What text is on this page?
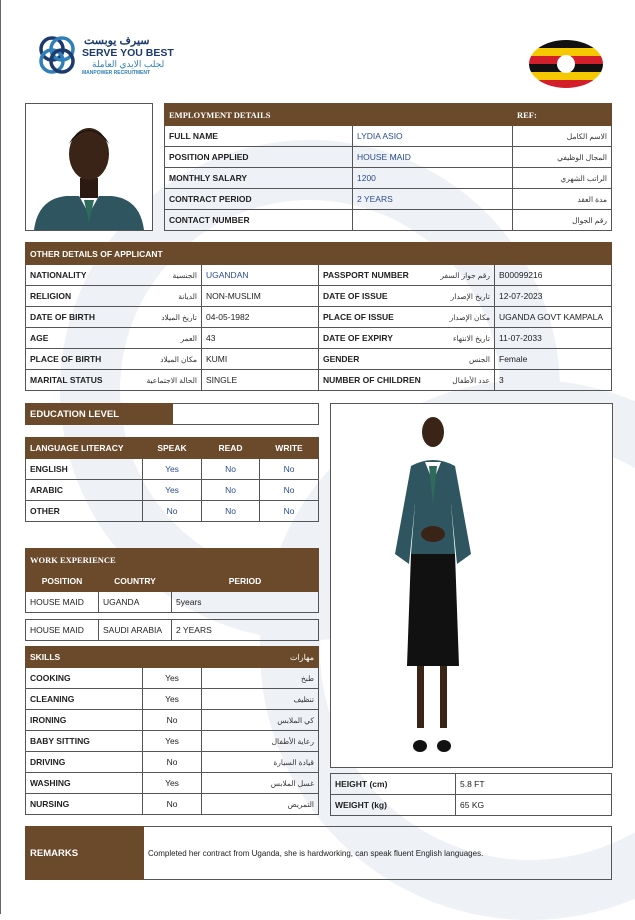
سيرف يوبست
SERVE YOU BEST
لجلب الايدي العاملة
MANPOWER RECRUITMENT
EMPLOYMENT DETAILS		REF:
FULL NAME	LYDIA ASIO	الاسم الكامل
POSITION APPLIED	HOUSE MAID	المجال الوظيفي
MONTHLY SALARY	1200	الراتب الشهري
CONTRACT PERIOD	2 YEARS	مدة العقد
CONTACT NUMBER		رقم الجوال
OTHER DETAILS OF APPLICANT			

NATIONALITY الجنسية	UGANDAN	PASSPORT NUMBER رقم جواز السفر	B00099216

RELIGION الديانة	NON-MUSLIM	DATE OF ISSUE تاريخ الإصدار	12-07-2023

DATE OF BIRTH تاريخ الميلاد	04-05-1982	PLACE OF ISSUE مكان الإصدار	UGANDA GOVT KAMPALA

AGE العمر	43	DATE OF EXPIRY تاريخ الانتهاء	11-07-2033

PLACE OF BIRTH مكان الميلاد	KUMI	GENDER الجنس	Female

MARITAL STATUS الحالة الاجتماعية	SINGLE	NUMBER OF CHILDREN عدد الأطفال	3
EDUCATION LEVEL	
LANGUAGE LITERACY	SPEAK	READ	WRITE
ENGLISH	Yes	No	No
ARABIC	Yes	No	No
OTHER	No	No	No
WORK EXPERIENCE		
POSITION	COUNTRY	PERIOD
HOUSE MAID	UGANDA	5years
HOUSE MAID	SAUDI ARABIA	2 YEARS
SKILLS		مهارات
COOKING	Yes	طبخ
CLEANING	Yes	تنظيف
IRONING	No	كي الملابس
BABY SITTING	Yes	رعاية الأطفال
DRIVING	No	قيادة السيارة
WASHING	Yes	غسل الملابس
NURSING	No	التمريض
HEIGHT (cm)	5.8 FT
WEIGHT (kg)	65 KG
REMARKS	Completed her contract from Uganda, she is hardworking, can speak fluent English languages.
